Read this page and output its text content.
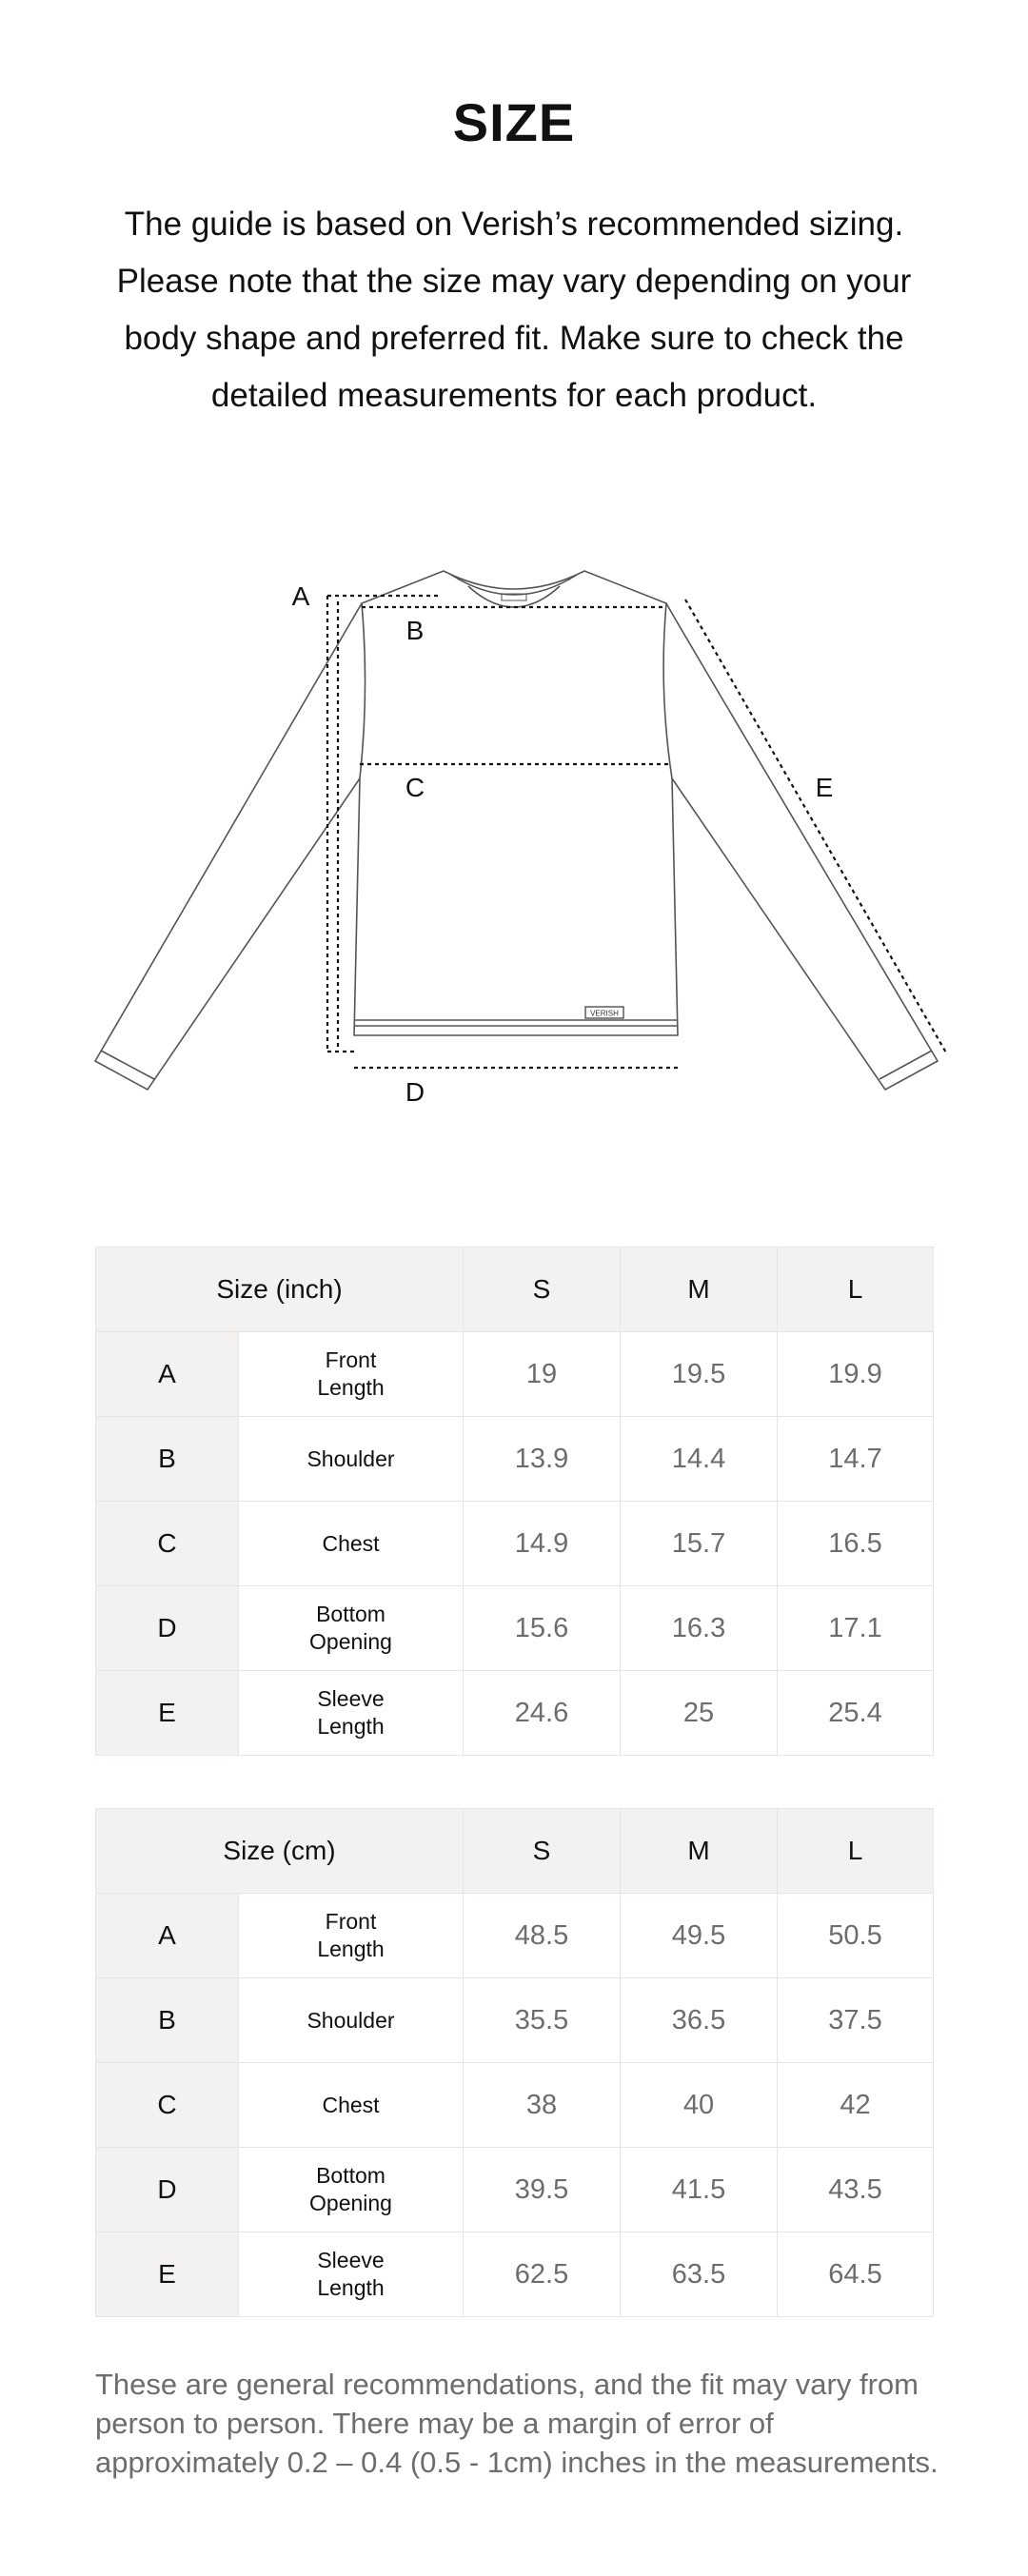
SIZE
The guide is based on Verish’s recommended sizing. Please note that the size may vary depending on your body shape and preferred fit. Make sure to check the detailed measurements for each product.
VERISH
A
B
C
D
E
Size (inch)		S	M	L
A	Front
Length	19	19.5	19.9
B	Shoulder	13.9	14.4	14.7
C	Chest	14.9	15.7	16.5
D	Bottom
Opening	15.6	16.3	17.1
E	Sleeve
Length	24.6	25	25.4
Size (cm)		S	M	L
A	Front
Length	48.5	49.5	50.5
B	Shoulder	35.5	36.5	37.5
C	Chest	38	40	42
D	Bottom
Opening	39.5	41.5	43.5
E	Sleeve
Length	62.5	63.5	64.5
These are general recommendations, and the fit may vary from person to person. There may be a margin of error of approximately 0.2 – 0.4 (0.5 - 1cm) inches in the measurements.
